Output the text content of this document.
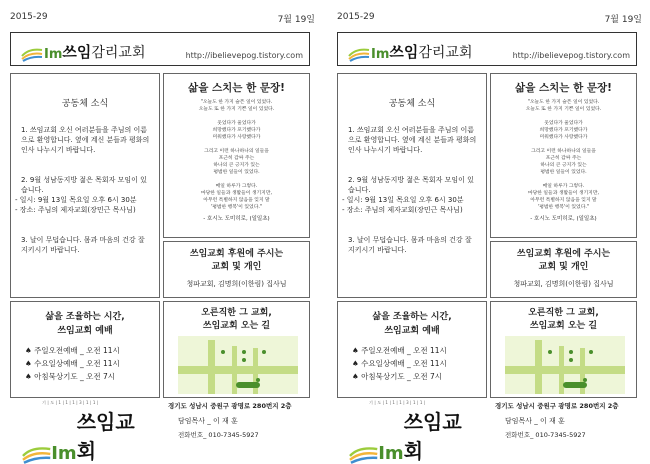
2015-29	7월 19일
Im 쓰임 감리교회	http://ibelievepog.tistory.com
공동체 소식
1. 쓰임교회 오신 여러분들을 주님의 이름으로 환영합니다. 옆에 계신 분들과 평화의 인사 나누시기 바랍니다.
2. 9월 성남동지방 젊은 목회자 모임이 있습니다.
- 일시: 9월 13일 목요일 오후 6시 30분
- 장소: 주님의 제자교회(장민근 목사님)
3. 날이 무덥습니다. 몸과 마음의 건강 잘 지키시기 바랍니다.
삶을 스치는 한 문장!
"오늘도 한 가지 슬픈 일이 있었다.
오늘도 또 한 가지 기쁜 일이 있었다.

웃었다가 울었다가
희망했다가 포기했다가
미워했다가 사랑했다가

그리고 이런 하나하나의 일들을
포근히 감싸 주는
하나의 큰 긍지가 있는
평범한 일들이 있었다.

매일 하루가 그렇다.
마당한 일들과 생활들이 생기지만,
아무런 특별하지 않음을 잊지 말
'평범한 행복'이 있었다."
- 호시노 도미히로, (일일초)
쓰임교회 후원에 주시는
교회 및 개인
청파교회, 김명희(이한림) 집사님
삶을 조율하는 시간,
쓰임교회 예배
♠ 주일오전예배 _ 오전 11시
♠ 수요일상예배 _ 오전 11시
♠ 아침묵상기도 _ 오전 7시
오른직한 그 교회,
쓰임교회 오는 길
기|도|1|1|1|3|1|1|
Im
쓰임교회
경기도 성남시 중원구 광명로 280번지 2층
담임목사 _ 이 재 훈
전화번호_ 010-7345-5927
2015-29	7월 19일
Im 쓰임 감리교회	http://ibelievepog.tistory.com
공동체 소식
1. 쓰임교회 오신 여러분들을 주님의 이름으로 환영합니다. 옆에 계신 분들과 평화의 인사 나누시기 바랍니다.
2. 9월 성남동지방 젊은 목회자 모임이 있습니다.
- 일시: 9월 13일 목요일 오후 6시 30분
- 장소: 주님의 제자교회(장민근 목사님)
3. 날이 무덥습니다. 몸과 마음의 건강 잘 지키시기 바랍니다.
삶을 스치는 한 문장!
"오늘도 한 가지 슬픈 일이 있었다.
오늘도 또 한 가지 기쁜 일이 있었다.

웃었다가 울었다가
희망했다가 포기했다가
미워했다가 사랑했다가

그리고 이런 하나하나의 일들을
포근히 감싸 주는
하나의 큰 긍지가 있는
평범한 일들이 있었다.

매일 하루가 그렇다.
마당한 일들과 생활들이 생기지만,
아무런 특별하지 않음을 잊지 말
'평범한 행복'이 있었다."
- 호시노 도미히로, (일일초)
쓰임교회 후원에 주시는
교회 및 개인
청파교회, 김명희(이한림) 집사님
삶을 조율하는 시간,
쓰임교회 예배
♠ 주일오전예배 _ 오전 11시
♠ 수요일상예배 _ 오전 11시
♠ 아침묵상기도 _ 오전 7시
오른직한 그 교회,
쓰임교회 오는 길
기|도|1|1|1|3|1|1|
Im
쓰임교회
경기도 성남시 중원구 광명로 280번지 2층
담임목사 _ 이 재 훈
전화번호_ 010-7345-5927
